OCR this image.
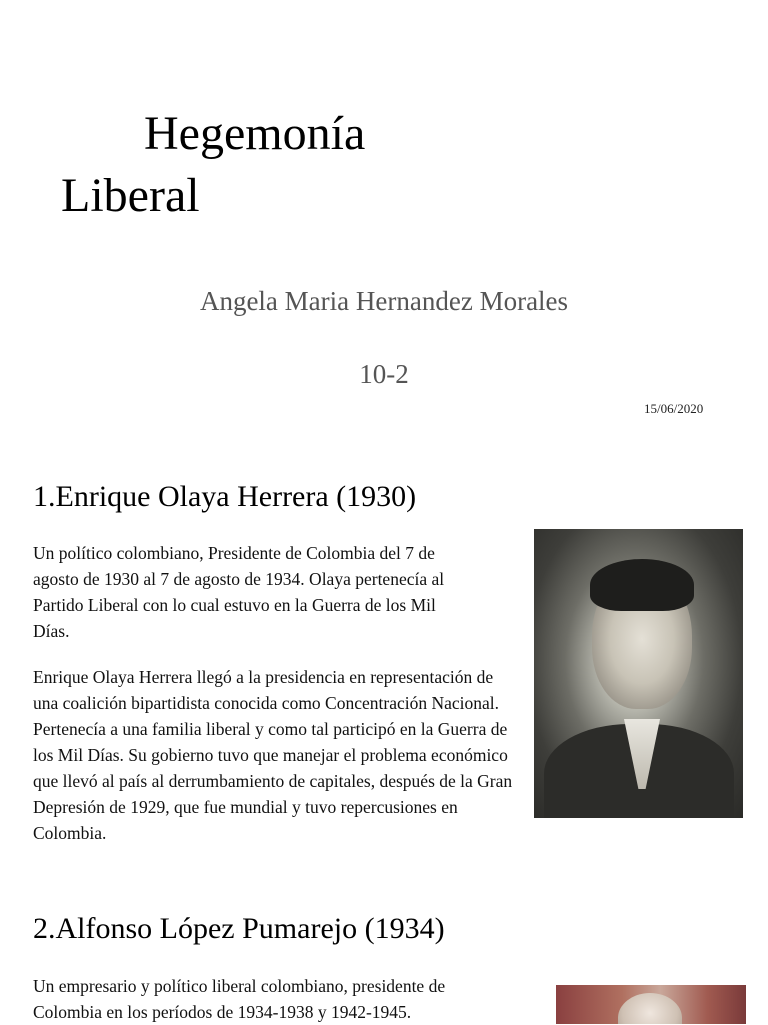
Hegemonía
Liberal

Angela Maria Hernandez Morales

10-2

15/06/2020
1.Enrique Olaya Herrera (1930)

Un político colombiano, Presidente de Colombia del 7 de agosto de 1930 al 7 de agosto de 1934. Olaya pertenecía al Partido Liberal con lo cual estuvo en la Guerra de los Mil Días.

Enrique Olaya Herrera llegó a la presidencia en representación de una coalición bipartidista conocida como Concentración Nacional. Pertenecía a una familia liberal y como tal participó en la Guerra de los Mil Días. Su gobierno tuvo que manejar el problema económico que llevó al país al derrumbamiento de capitales, después de la Gran Depresión de 1929, que fue mundial y tuvo repercusiones en Colombia.

2.Alfonso López Pumarejo (1934)

Un empresario y político liberal colombiano, presidente de Colombia en los períodos de 1934-1938 y 1942-1945.
